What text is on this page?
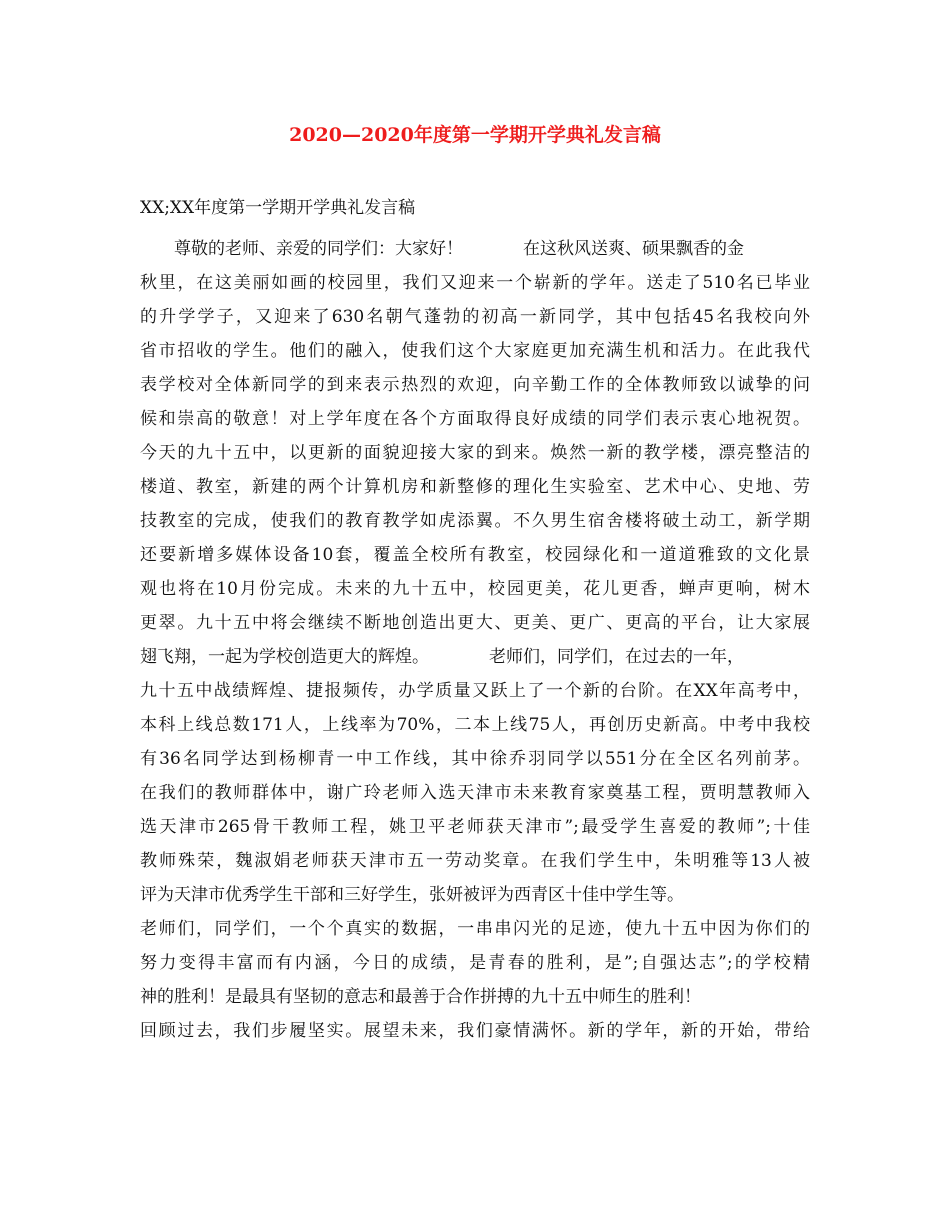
2020—2020年度第一学期开学典礼发言稿

XX;XX年度第一学期开学典礼发言稿

尊敬的老师、亲爱的同学们：大家好！	在这秋风送爽、硕果飘香的金
秋里，在这美丽如画的校园里，我们又迎来一个崭新的学年。送走了510名已毕业
的升学学子，又迎来了630名朝气蓬勃的初高一新同学，其中包括45名我校向外
省市招收的学生。他们的融入，使我们这个大家庭更加充满生机和活力。在此我代
表学校对全体新同学的到来表示热烈的欢迎，向辛勤工作的全体教师致以诚挚的问
候和崇高的敬意！对上学年度在各个方面取得良好成绩的同学们表示衷心地祝贺。
今天的九十五中，以更新的面貌迎接大家的到来。焕然一新的教学楼，漂亮整洁的
楼道、教室，新建的两个计算机房和新整修的理化生实验室、艺术中心、史地、劳
技教室的完成，使我们的教育教学如虎添翼。不久男生宿舍楼将破土动工，新学期
还要新增多媒体设备10套，覆盖全校所有教室，校园绿化和一道道雅致的文化景
观也将在10月份完成。未来的九十五中，校园更美，花儿更香，蝉声更响，树木
更翠。九十五中将会继续不断地创造出更大、更美、更广、更高的平台，让大家展
翅飞翔，一起为学校创造更大的辉煌。	老师们，同学们，在过去的一年，
九十五中战绩辉煌、捷报频传，办学质量又跃上了一个新的台阶。在XX年高考中，
本科上线总数171人，上线率为70%，二本上线75人，再创历史新高。中考中我校
有36名同学达到杨柳青一中工作线，其中徐乔羽同学以551分在全区名列前茅。
在我们的教师群体中，谢广玲老师入选天津市未来教育家奠基工程，贾明慧教师入
选天津市265骨干教师工程，姚卫平老师获天津市”;最受学生喜爱的教师”;十佳
教师殊荣，魏淑娟老师获天津市五一劳动奖章。在我们学生中，朱明雅等13人被
评为天津市优秀学生干部和三好学生，张妍被评为西青区十佳中学生等。
老师们，同学们，一个个真实的数据，一串串闪光的足迹，使九十五中因为你们的
努力变得丰富而有内涵，今日的成绩，是青春的胜利，是”;自强达志”;的学校精
神的胜利！是最具有坚韧的意志和最善于合作拼搏的九十五中师生的胜利！
回顾过去，我们步履坚实。展望未来，我们豪情满怀。新的学年，新的开始，带给
